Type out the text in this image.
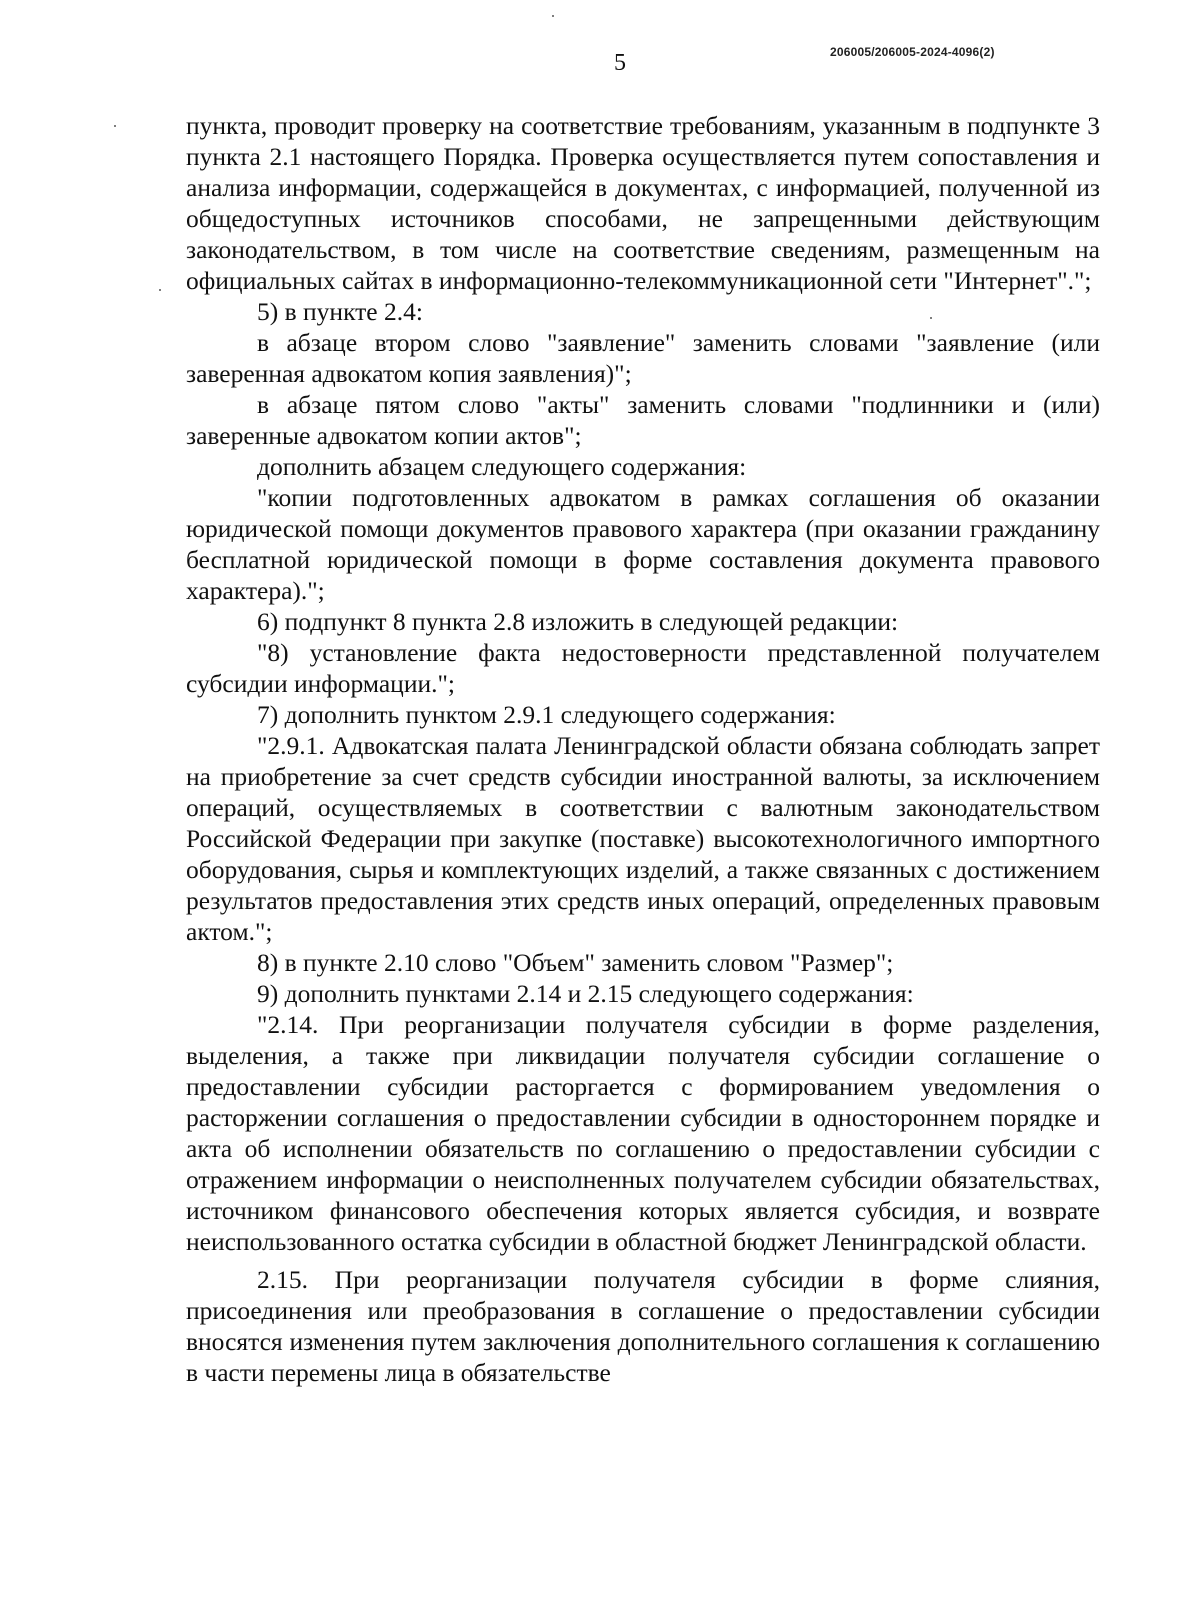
5	206005/206005-2024-4096(2)

пункта, проводит проверку на соответствие требованиям, указанным в подпункте 3 пункта 2.1 настоящего Порядка. Проверка осуществляется путем сопоставления и анализа информации, содержащейся в документах, с информацией, полученной из общедоступных источников способами, не запрещенными действующим законодательством, в том числе на соответствие сведениям, размещенным на официальных сайтах в информационно-телекоммуникационной сети "Интернет".";

5) в пункте 2.4:

в абзаце втором слово "заявление" заменить словами "заявление (или заверенная адвокатом копия заявления)";

в абзаце пятом слово "акты" заменить словами "подлинники и (или) заверенные адвокатом копии актов";

дополнить абзацем следующего содержания:

"копии подготовленных адвокатом в рамках соглашения об оказании юридической помощи документов правового характера (при оказании гражданину бесплатной юридической помощи в форме составления документа правового характера).";

6) подпункт 8 пункта 2.8 изложить в следующей редакции:

"8) установление факта недостоверности представленной получателем субсидии информации.";

7) дополнить пунктом 2.9.1 следующего содержания:

"2.9.1. Адвокатская палата Ленинградской области обязана соблюдать запрет на приобретение за счет средств субсидии иностранной валюты, за исключением операций, осуществляемых в соответствии с валютным законодательством Российской Федерации при закупке (поставке) высокотехнологичного импортного оборудования, сырья и комплектующих изделий, а также связанных с достижением результатов предоставления этих средств иных операций, определенных правовым актом.";

8) в пункте 2.10 слово "Объем" заменить словом "Размер";

9) дополнить пунктами 2.14 и 2.15 следующего содержания:

"2.14. При реорганизации получателя субсидии в форме разделения, выделения, а также при ликвидации получателя субсидии соглашение о предоставлении субсидии расторгается с формированием уведомления о расторжении соглашения о предоставлении субсидии в одностороннем порядке и акта об исполнении обязательств по соглашению о предоставлении субсидии с отражением информации о неисполненных получателем субсидии обязательствах, источником финансового обеспечения которых является субсидия, и возврате неиспользованного остатка субсидии в областной бюджет Ленинградской области.

2.15. При реорганизации получателя субсидии в форме слияния, присоединения или преобразования в соглашение о предоставлении субсидии вносятся изменения путем заключения дополнительного соглашения к соглашению в части перемены лица в обязательстве
